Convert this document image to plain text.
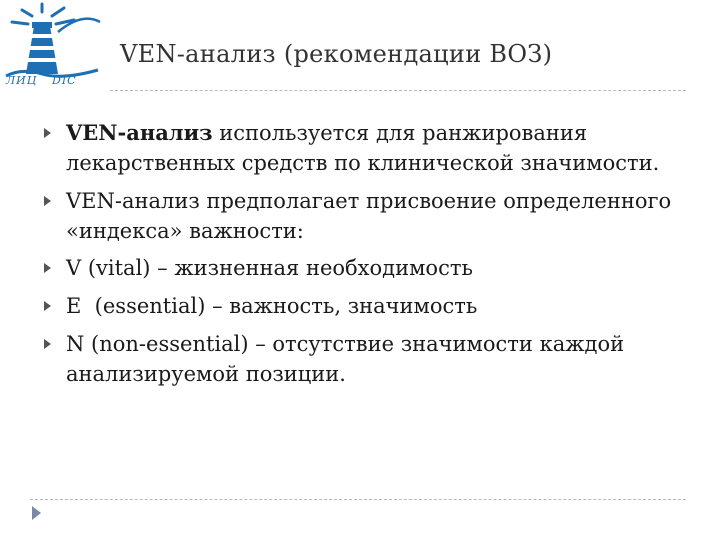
ЛИЦ DIC
VEN-анализ (рекомендации ВОЗ)
VEN-анализ используется для ранжирования лекарственных средств по клинической значимости.
VEN-анализ предполагает присвоение определенного «индекса» важности:
V (vital) – жизненная необходимость
E  (essential) – важность, значимость
N (non-essential) – отсутствие значимости каждой анализируемой позиции.
